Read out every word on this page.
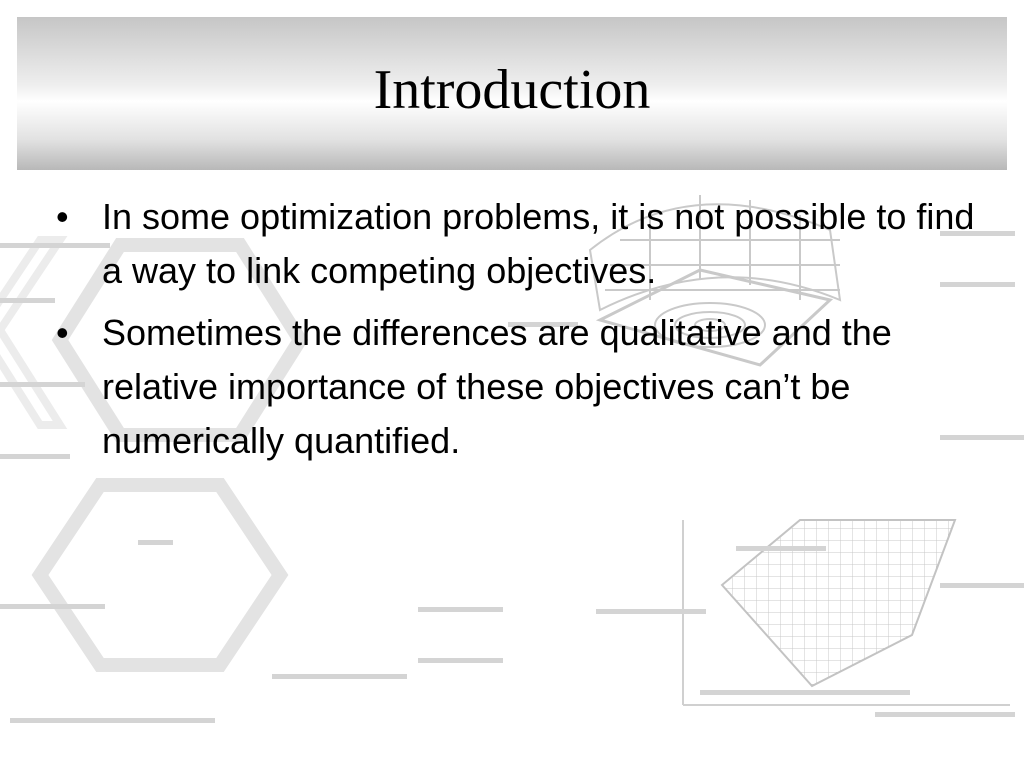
Introduction
• In some optimization problems, it is not possible to find a way to link competing objectives.
• Sometimes the differences are qualitative and the relative importance of these objectives can’t be numerically quantified.
